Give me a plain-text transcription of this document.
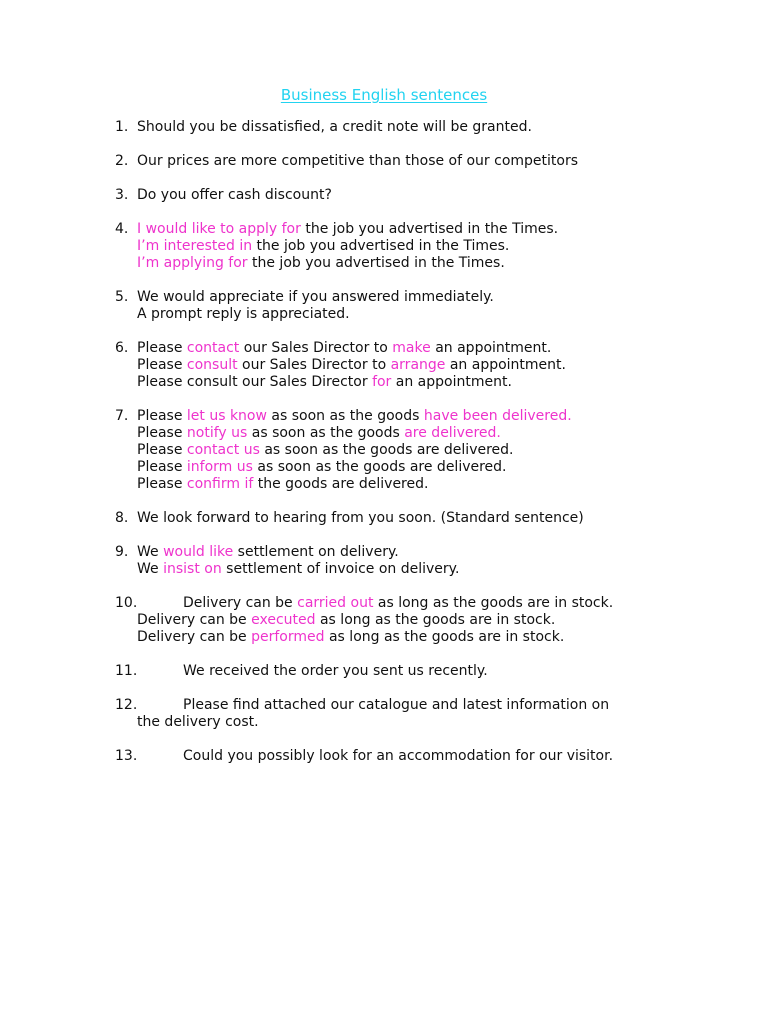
Business English sentences
1. Should you be dissatisfied, a credit note will be granted.
2. Our prices are more competitive than those of our competitors
3. Do you offer cash discount?
4. I would like to apply for the job you advertised in the Times.
I’m interested in the job you advertised in the Times.
I’m applying for the job you advertised in the Times.
5. We would appreciate if you answered immediately.
A prompt reply is appreciated.
6. Please contact our Sales Director to make an appointment.
Please consult our Sales Director to arrange an appointment.
Please consult our Sales Director for an appointment.
7. Please let us know as soon as the goods have been delivered.
Please notify us as soon as the goods are delivered.
Please contact us as soon as the goods are delivered.
Please inform us as soon as the goods are delivered.
Please confirm if the goods are delivered.
8. We look forward to hearing from you soon. (Standard sentence)
9. We would like settlement on delivery.
We insist on settlement of invoice on delivery.
10.	Delivery can be carried out as long as the goods are in stock.
Delivery can be executed as long as the goods are in stock.
Delivery can be performed as long as the goods are in stock.
11.	We received the order you sent us recently.
12.	Please find attached our catalogue and latest information on
the delivery cost.
13.	Could you possibly look for an accommodation for our visitor.
